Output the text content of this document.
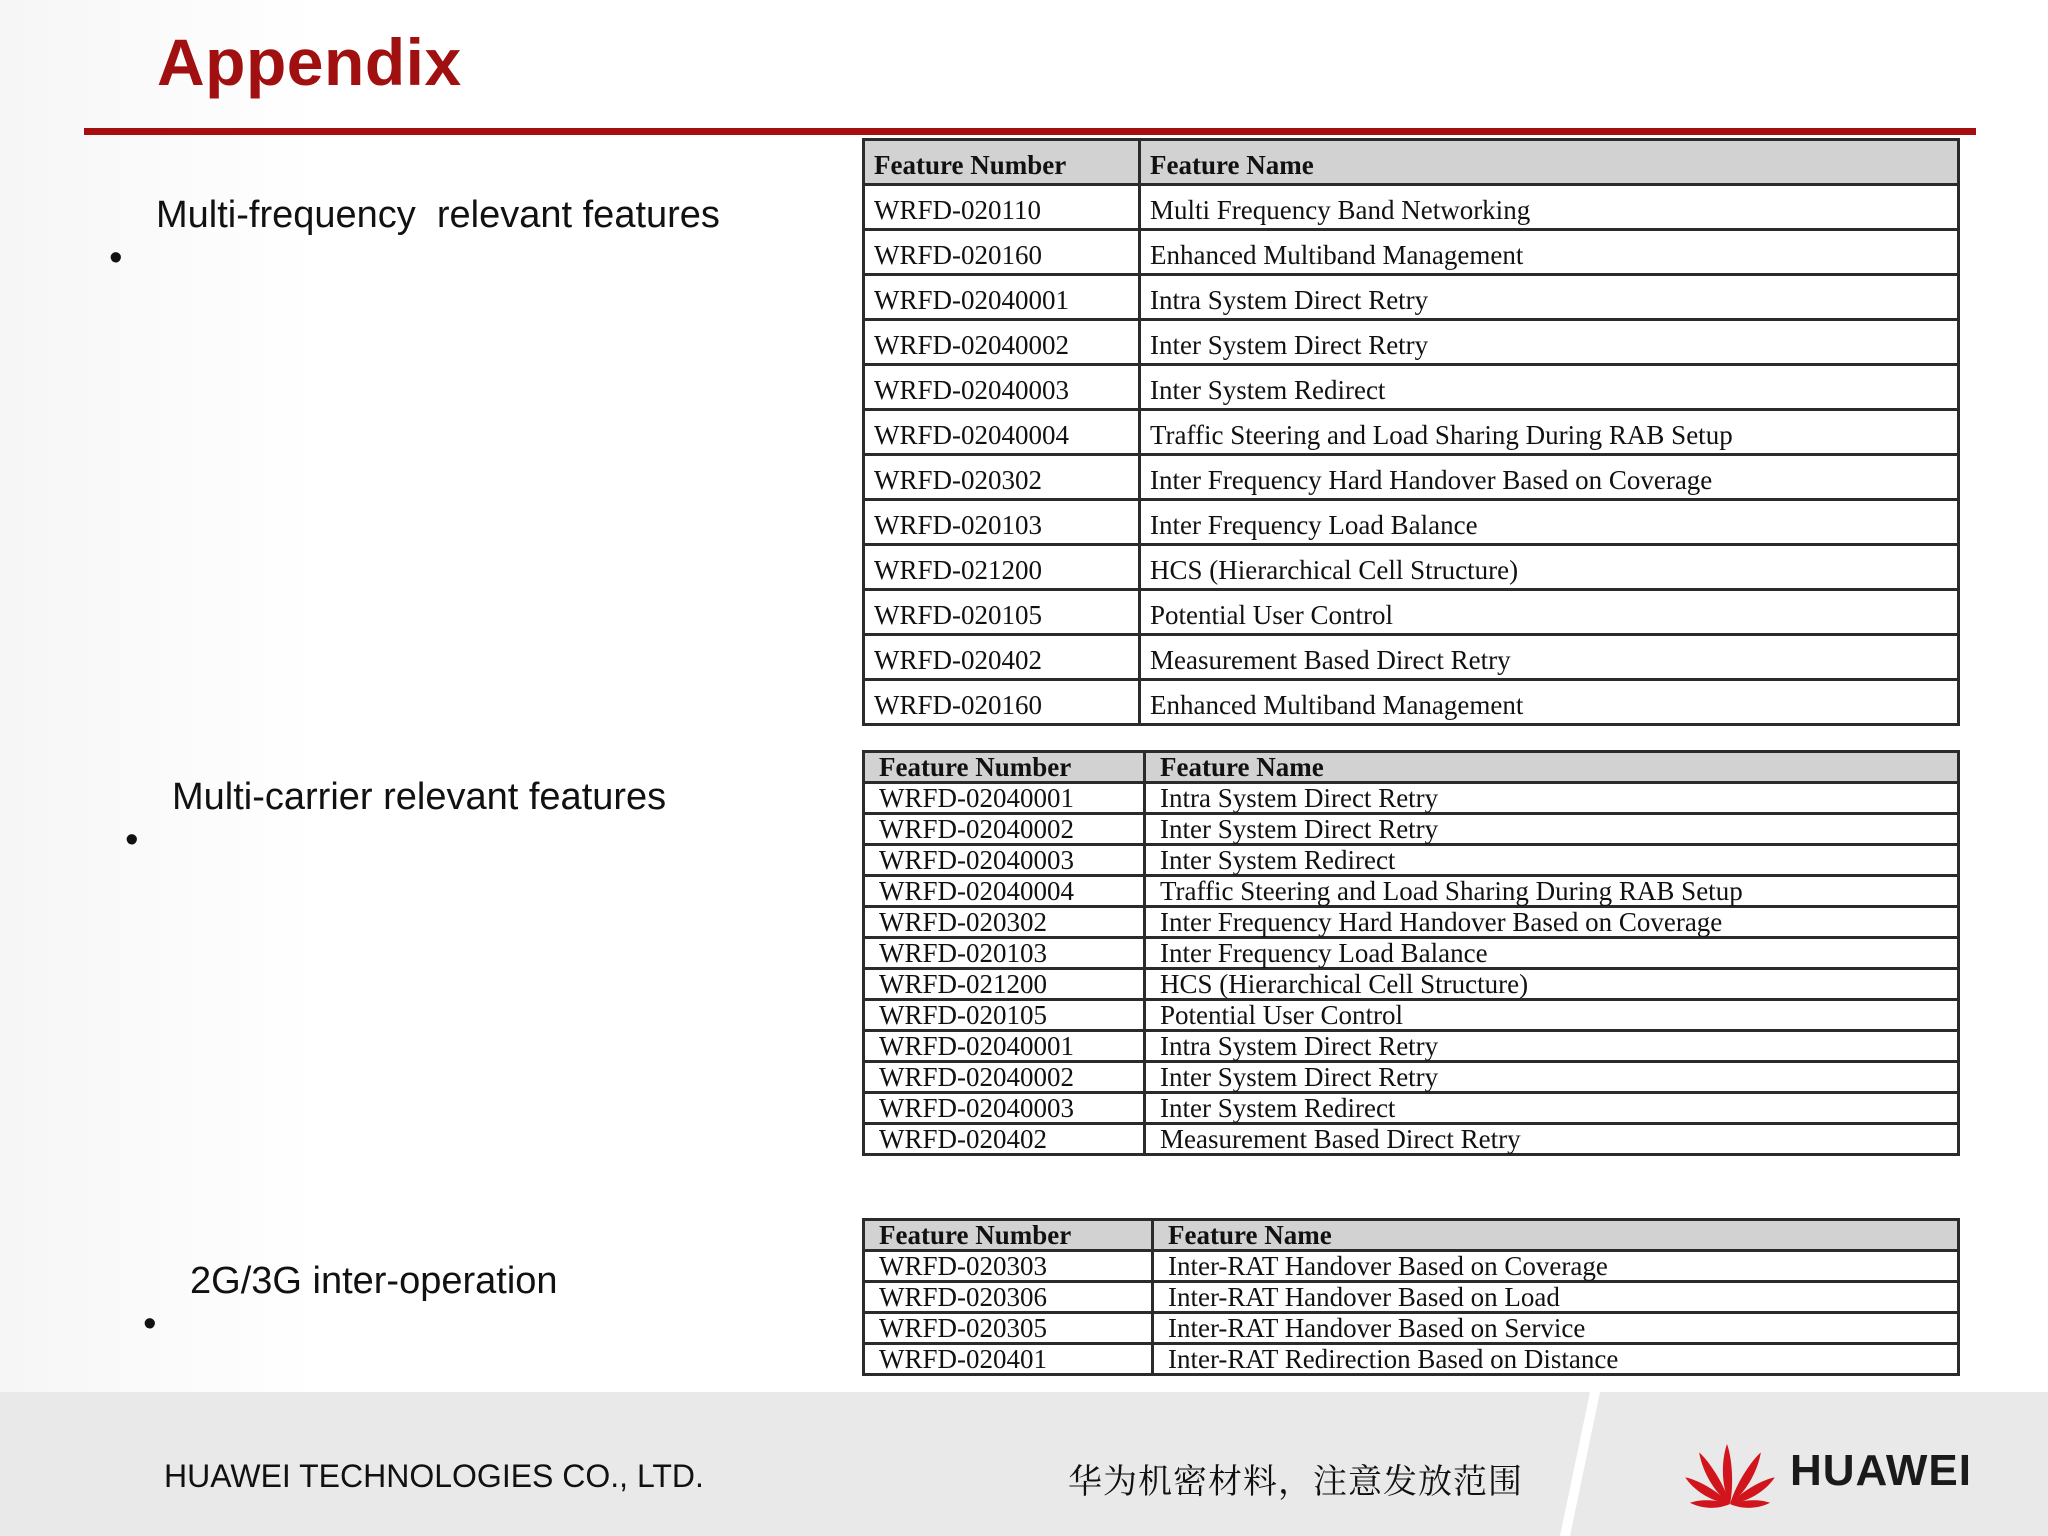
Appendix

•

Multi-frequency  relevant features

•

Multi-carrier relevant features

•

2G/3G inter-operation

Feature Number	Feature Name
WRFD-020110	Multi Frequency Band Networking
WRFD-020160	Enhanced Multiband Management
WRFD-02040001	Intra System Direct Retry
WRFD-02040002	Inter System Direct Retry
WRFD-02040003	Inter System Redirect
WRFD-02040004	Traffic Steering and Load Sharing During RAB Setup
WRFD-020302	Inter Frequency Hard Handover Based on Coverage
WRFD-020103	Inter Frequency Load Balance
WRFD-021200	HCS (Hierarchical Cell Structure)
WRFD-020105	Potential User Control
WRFD-020402	Measurement Based Direct Retry
WRFD-020160	Enhanced Multiband Management
Feature Number	Feature Name
WRFD-02040001	Intra System Direct Retry
WRFD-02040002	Inter System Direct Retry
WRFD-02040003	Inter System Redirect
WRFD-02040004	Traffic Steering and Load Sharing During RAB Setup
WRFD-020302	Inter Frequency Hard Handover Based on Coverage
WRFD-020103	Inter Frequency Load Balance
WRFD-021200	HCS (Hierarchical Cell Structure)
WRFD-020105	Potential User Control
WRFD-02040001	Intra System Direct Retry
WRFD-02040002	Inter System Direct Retry
WRFD-02040003	Inter System Redirect
WRFD-020402	Measurement Based Direct Retry
Feature Number	Feature Name
WRFD-020303	Inter-RAT Handover Based on Coverage
WRFD-020306	Inter-RAT Handover Based on Load
WRFD-020305	Inter-RAT Handover Based on Service
WRFD-020401	Inter-RAT Redirection Based on Distance
HUAWEI TECHNOLOGIES CO., LTD.	华为机密材料，注意发放范围	HUAWEI
